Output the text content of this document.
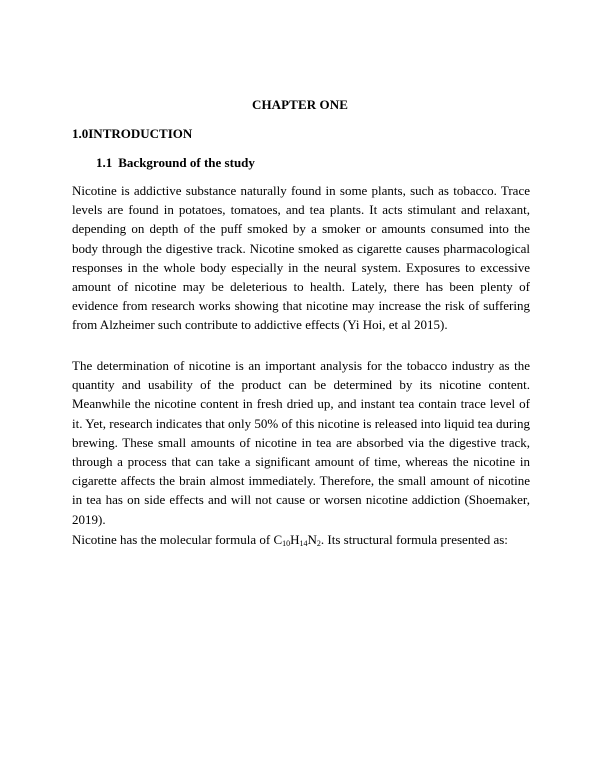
CHAPTER ONE
1.0INTRODUCTION
1.1 Background of the study

Nicotine is addictive substance naturally found in some plants, such as tobacco. Trace levels are found in potatoes, tomatoes, and tea plants. It acts stimulant and relaxant, depending on depth of the puff smoked by a smoker or amounts consumed into the body through the digestive track. Nicotine smoked as cigarette causes pharmacological responses in the whole body especially in the neural system. Exposures to excessive amount of nicotine may be deleterious to health. Lately, there has been plenty of evidence from research works showing that nicotine may increase the risk of suffering from Alzheimer such contribute to addictive effects (Yi Hoi, et al 2015).

The determination of nicotine is an important analysis for the tobacco industry as the quantity and usability of the product can be determined by its nicotine content. Meanwhile the nicotine content in fresh dried up, and instant tea contain trace level of it. Yet, research indicates that only 50% of this nicotine is released into liquid tea during brewing. These small amounts of nicotine in tea are absorbed via the digestive track, through a process that can take a significant amount of time, whereas the nicotine in cigarette affects the brain almost immediately. Therefore, the small amount of nicotine in tea has on side effects and will not cause or worsen nicotine addiction (Shoemaker, 2019).

Nicotine has the molecular formula of $C_{10}H_{14}N_2$. Its structural formula presented as:
